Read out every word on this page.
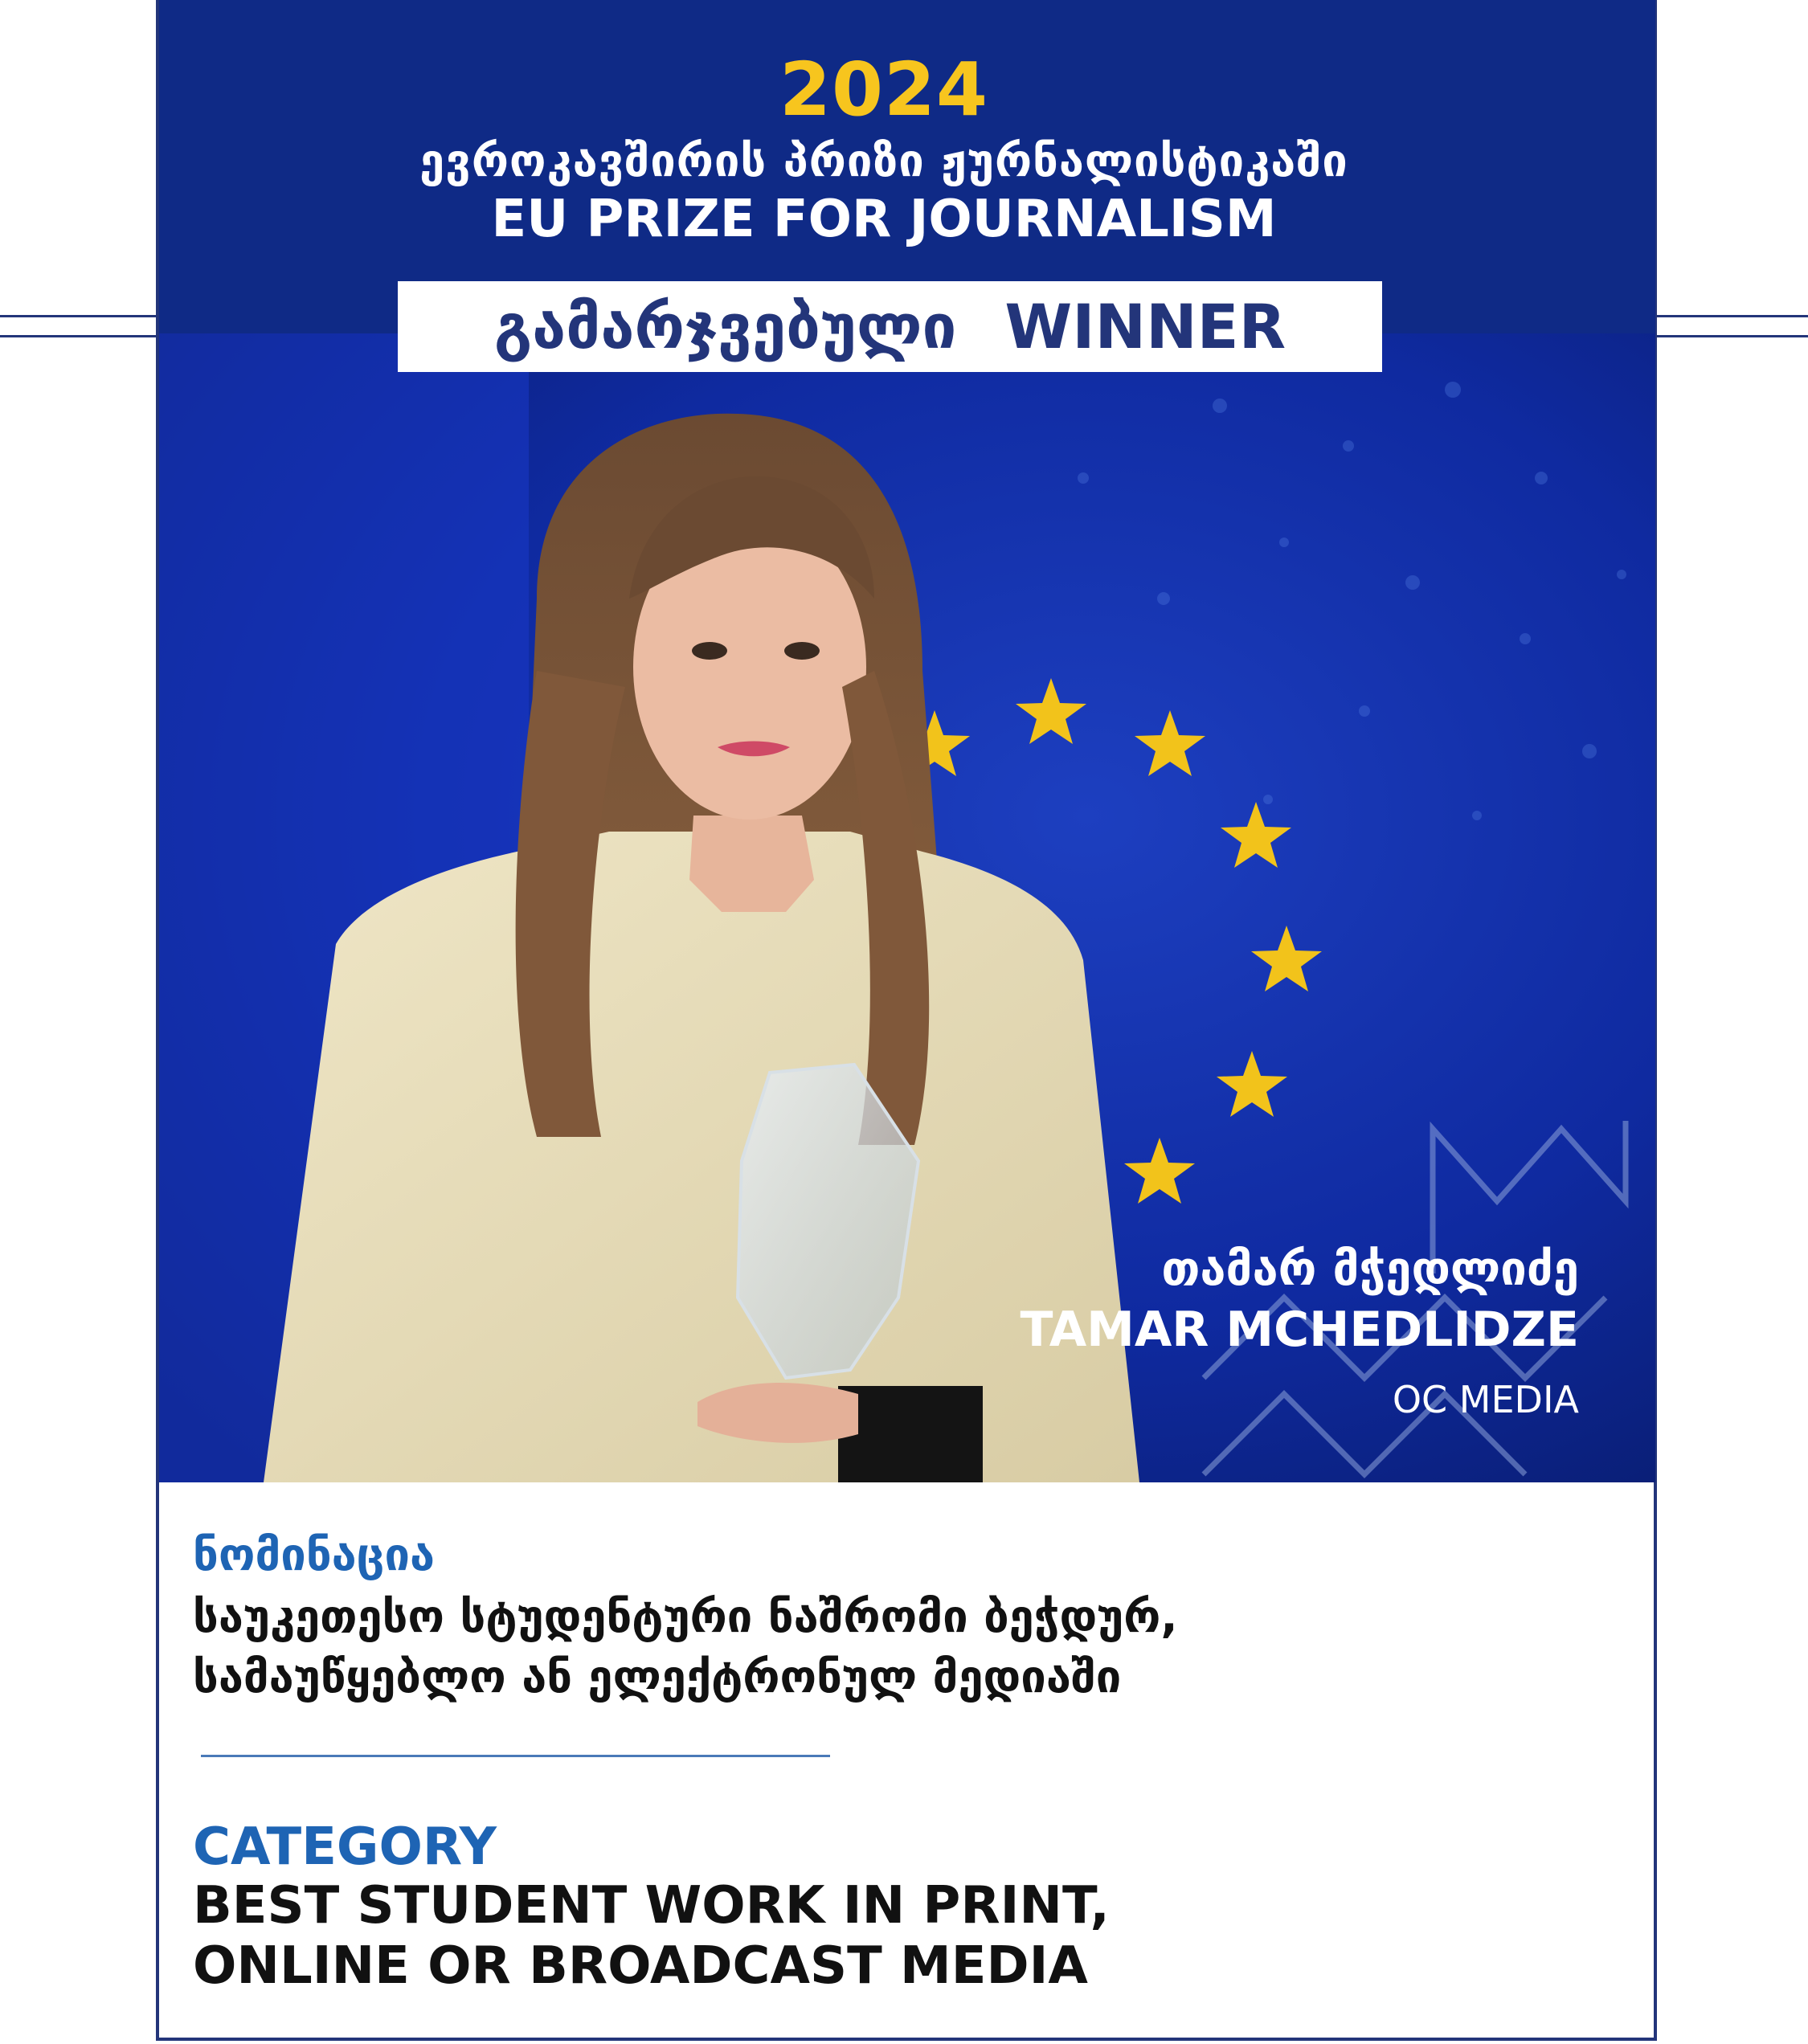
2024
ევროკავშირის პრიზი ჟურნალისტიკაში
EU PRIZE FOR JOURNALISM
გამარჯვებული WINNER
თამარ მჭედლიძე
TAMAR MCHEDLIDZE
OC MEDIA
ნომინაცია
საუკეთესო სტუდენტური ნაშრომი ბეჭდურ,
სამაუწყებლო ან ელექტრონულ მედიაში
CATEGORY
BEST STUDENT WORK IN PRINT,
ONLINE OR BROADCAST MEDIA
